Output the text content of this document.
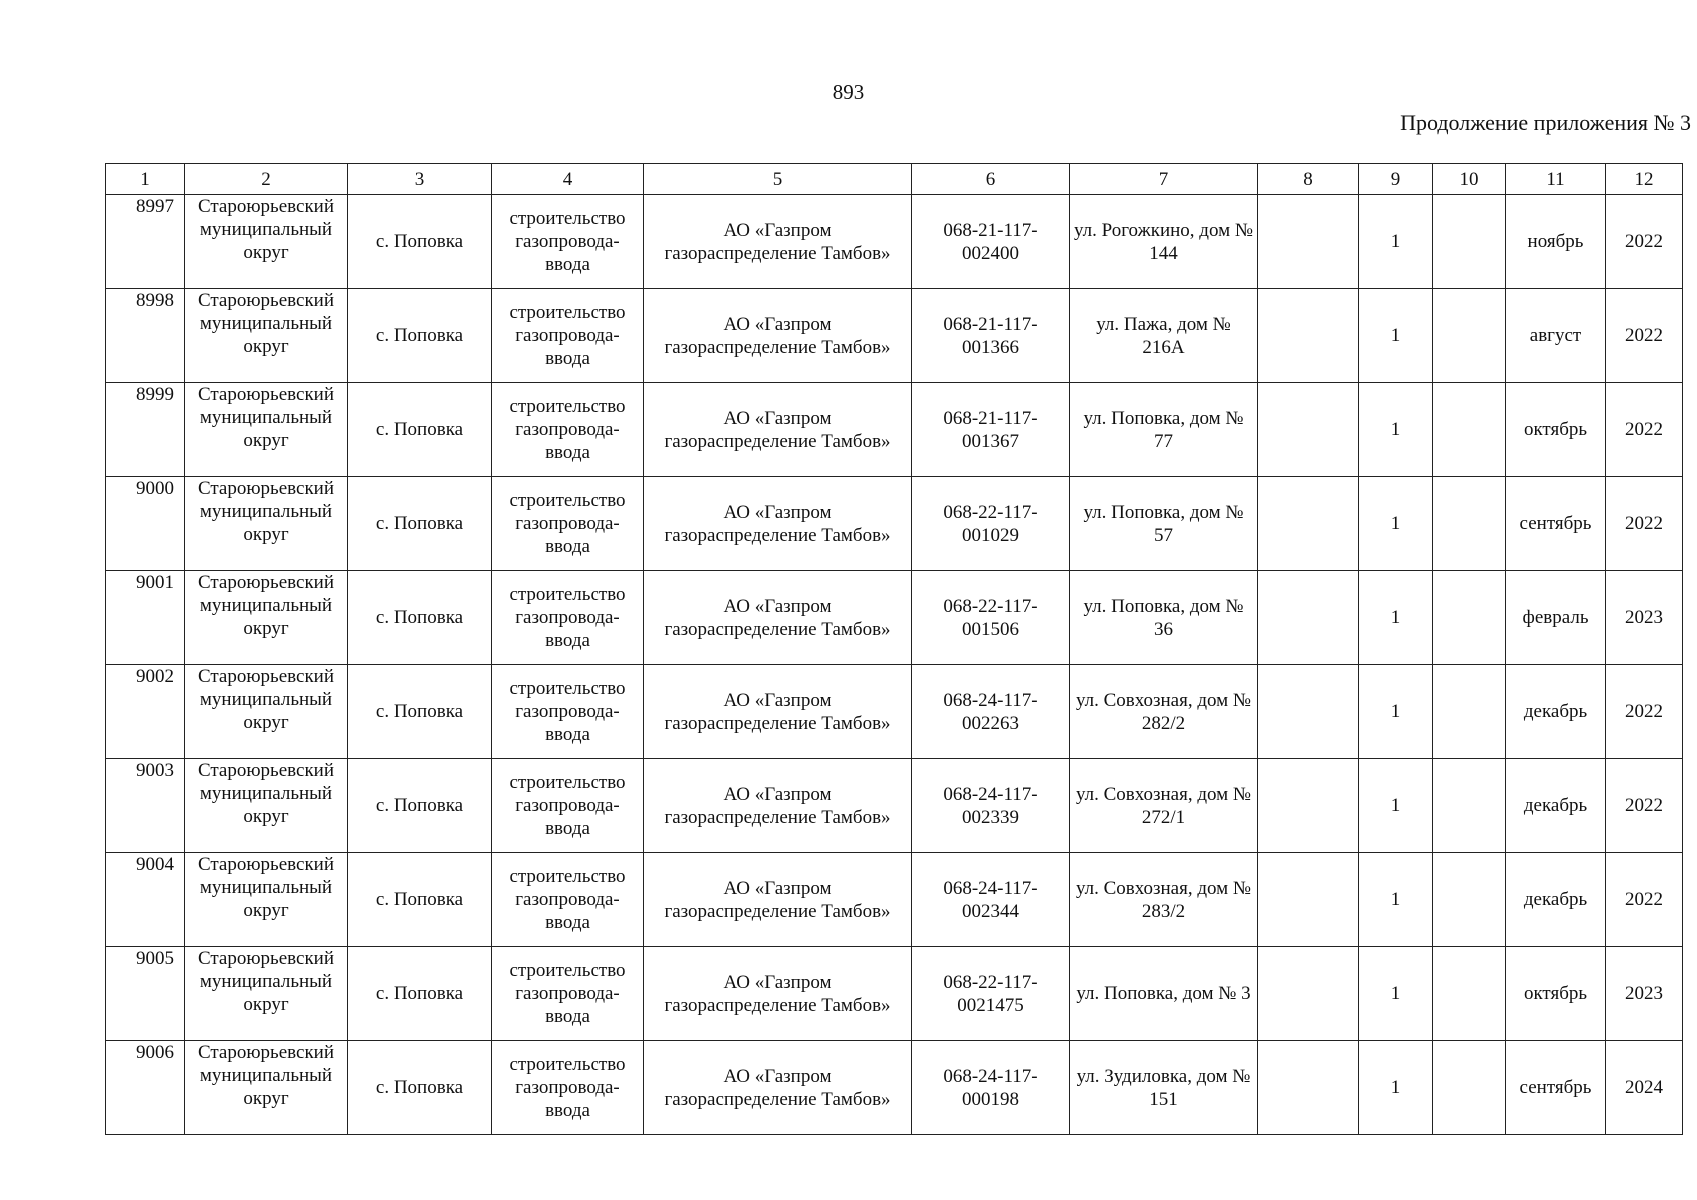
893
Продолжение приложения № 3
1	2	3	4	5	6	7	8	9	10	11	12
8997	Староюрьевский муниципальный округ	с. Поповка	строительство газопровода-ввода	АО «Газпром газораспределение Тамбов»	068-21-117-002400	ул. Рогожкино, дом № 144		1		ноябрь	2022
8998	Староюрьевский муниципальный округ	с. Поповка	строительство газопровода-ввода	АО «Газпром газораспределение Тамбов»	068-21-117-001366	ул. Пажа, дом № 216А		1		август	2022
8999	Староюрьевский муниципальный округ	с. Поповка	строительство газопровода-ввода	АО «Газпром газораспределение Тамбов»	068-21-117-001367	ул. Поповка, дом № 77		1		октябрь	2022
9000	Староюрьевский муниципальный округ	с. Поповка	строительство газопровода-ввода	АО «Газпром газораспределение Тамбов»	068-22-117-001029	ул. Поповка, дом № 57		1		сентябрь	2022
9001	Староюрьевский муниципальный округ	с. Поповка	строительство газопровода-ввода	АО «Газпром газораспределение Тамбов»	068-22-117-001506	ул. Поповка, дом № 36		1		февраль	2023
9002	Староюрьевский муниципальный округ	с. Поповка	строительство газопровода-ввода	АО «Газпром газораспределение Тамбов»	068-24-117-002263	ул. Совхозная, дом № 282/2		1		декабрь	2022
9003	Староюрьевский муниципальный округ	с. Поповка	строительство газопровода-ввода	АО «Газпром газораспределение Тамбов»	068-24-117-002339	ул. Совхозная, дом № 272/1		1		декабрь	2022
9004	Староюрьевский муниципальный округ	с. Поповка	строительство газопровода-ввода	АО «Газпром газораспределение Тамбов»	068-24-117-002344	ул. Совхозная, дом № 283/2		1		декабрь	2022
9005	Староюрьевский муниципальный округ	с. Поповка	строительство газопровода-ввода	АО «Газпром газораспределение Тамбов»	068-22-117-0021475	ул. Поповка, дом № 3		1		октябрь	2023
9006	Староюрьевский муниципальный округ	с. Поповка	строительство газопровода-ввода	АО «Газпром газораспределение Тамбов»	068-24-117-000198	ул. Зудиловка, дом № 151		1		сентябрь	2024
